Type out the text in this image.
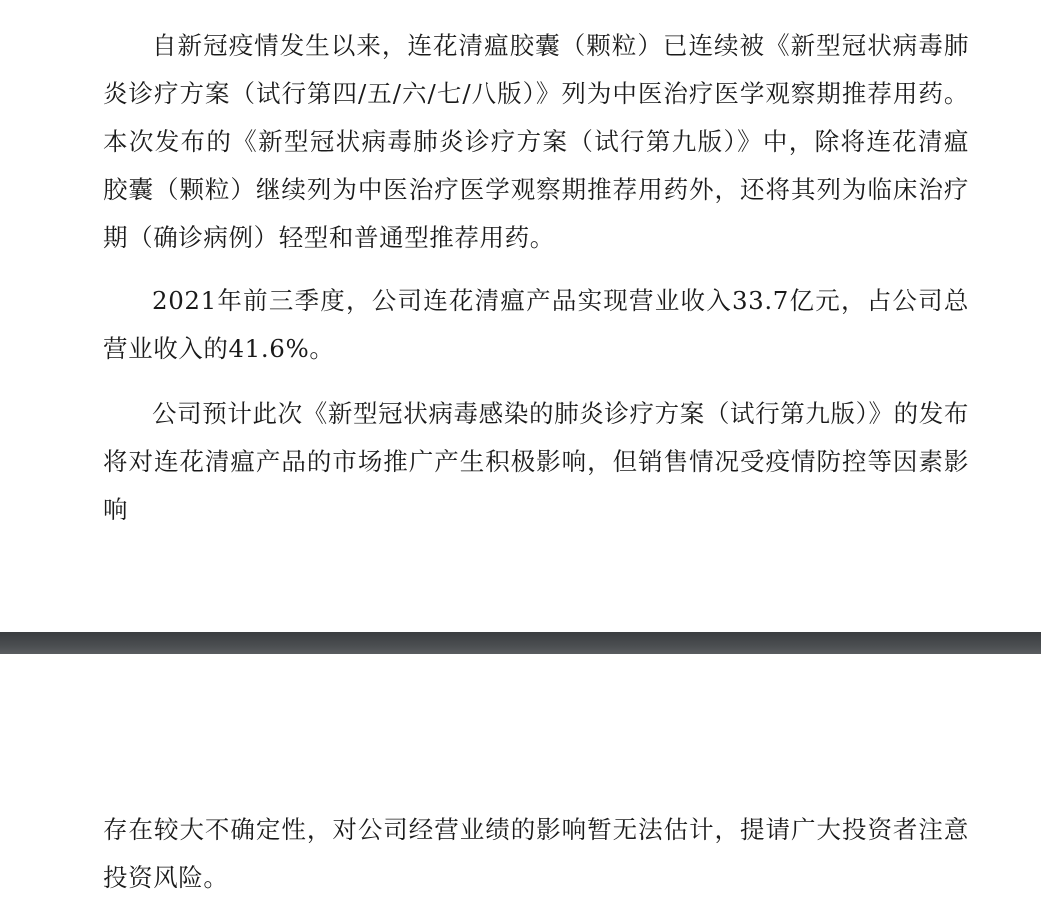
自新冠疫情发生以来，连花清瘟胶囊（颗粒）已连续被《新型冠状病毒肺炎诊疗方案（试行第四/五/六/七/八版）》列为中医治疗医学观察期推荐用药。本次发布的《新型冠状病毒肺炎诊疗方案（试行第九版）》中，除将连花清瘟胶囊（颗粒）继续列为中医治疗医学观察期推荐用药外，还将其列为临床治疗期（确诊病例）轻型和普通型推荐用药。

2021年前三季度，公司连花清瘟产品实现营业收入33.7亿元，占公司总营业收入的41.6%。

公司预计此次《新型冠状病毒感染的肺炎诊疗方案（试行第九版）》的发布将对连花清瘟产品的市场推广产生积极影响，但销售情况受疫情防控等因素影响

存在较大不确定性，对公司经营业绩的影响暂无法估计，提请广大投资者注意投资风险。
